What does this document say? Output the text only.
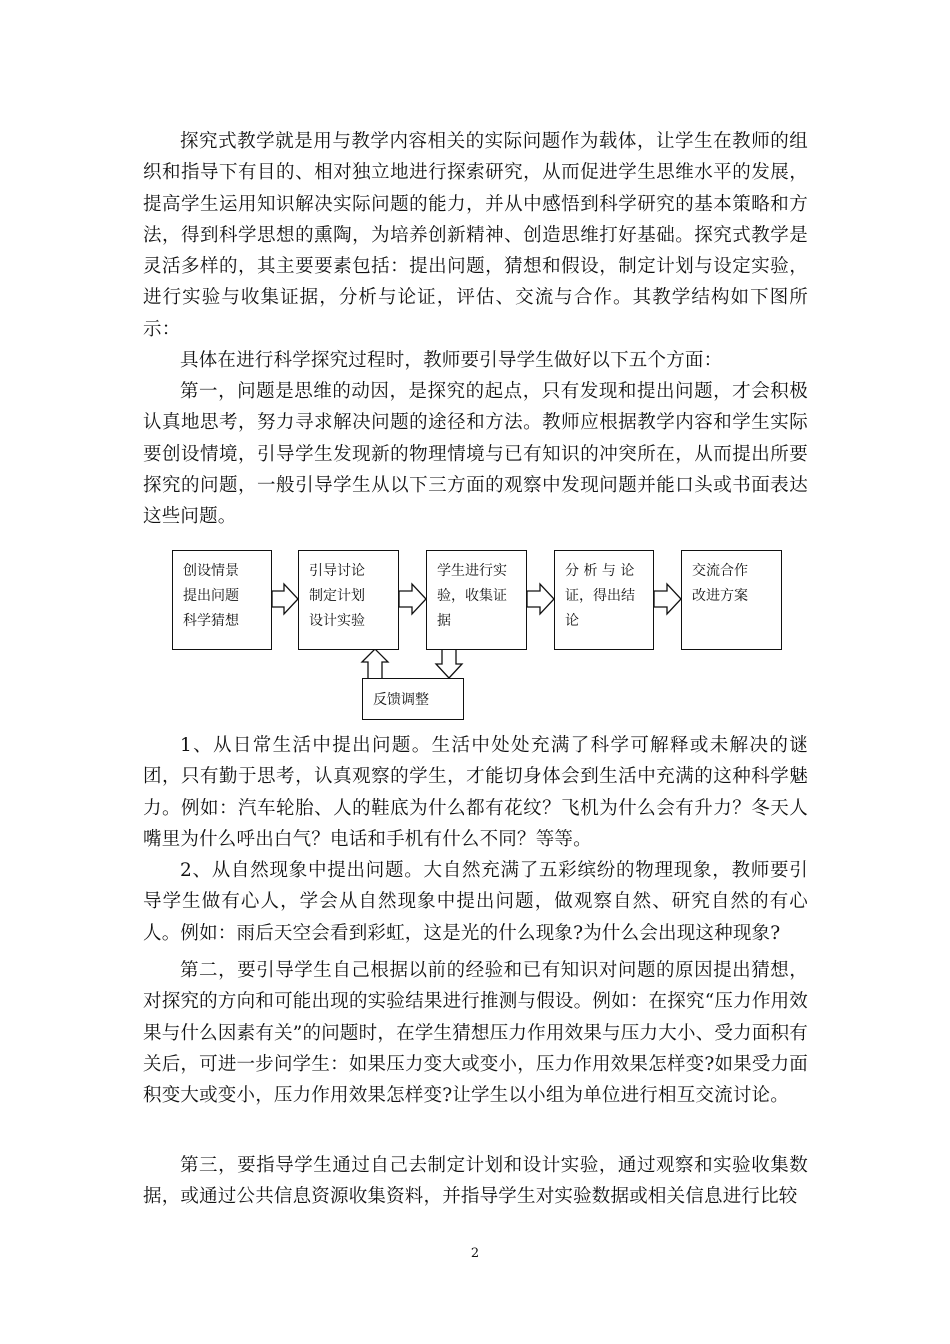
探究式教学就是用与教学内容相关的实际问题作为载体，让学生在教师的组织和指导下有目的、相对独立地进行探索研究，从而促进学生思维水平的发展，提高学生运用知识解决实际问题的能力，并从中感悟到科学研究的基本策略和方法，得到科学思想的熏陶，为培养创新精神、创造思维打好基础。探究式教学是灵活多样的，其主要要素包括：提出问题，猜想和假设，制定计划与设定实验，进行实验与收集证据，分析与论证，评估、交流与合作。其教学结构如下图所示：

创设情景
提出问题
科学猜想
引导讨论
制定计划
设计实验
学生进行实
验，收集证
据
分 析 与 论
证，得出结
论
交流合作
改进方案
反馈调整

具体在进行科学探究过程时，教师要引导学生做好以下五个方面：

第一，问题是思维的动因，是探究的起点，只有发现和提出问题，才会积极认真地思考，努力寻求解决问题的途径和方法。教师应根据教学内容和学生实际要创设情境，引导学生发现新的物理情境与已有知识的冲突所在，从而提出所要探究的问题，一般引导学生从以下三方面的观察中发现问题并能口头或书面表达这些问题。

1、从日常生活中提出问题。生活中处处充满了科学可解释或未解决的谜团，只有勤于思考，认真观察的学生，才能切身体会到生活中充满的这种科学魅力。例如：汽车轮胎、人的鞋底为什么都有花纹？飞机为什么会有升力？冬天人嘴里为什么呼出白气？电话和手机有什么不同？等等。

2、从自然现象中提出问题。大自然充满了五彩缤纷的物理现象，教师要引导学生做有心人，学会从自然现象中提出问题，做观察自然、研究自然的有心人。例如：雨后天空会看到彩虹，这是光的什么现象?为什么会出现这种现象?

第二，要引导学生自己根据以前的经验和已有知识对问题的原因提出猜想，对探究的方向和可能出现的实验结果进行推测与假设。例如：在探究“压力作用效果与什么因素有关”的问题时，在学生猜想压力作用效果与压力大小、受力面积有关后，可进一步问学生：如果压力变大或变小，压力作用效果怎样变?如果受力面积变大或变小，压力作用效果怎样变?让学生以小组为单位进行相互交流讨论。

第三，要指导学生通过自己去制定计划和设计实验，通过观察和实验收集数据，或通过公共信息资源收集资料，并指导学生对实验数据或相关信息进行比较

2
